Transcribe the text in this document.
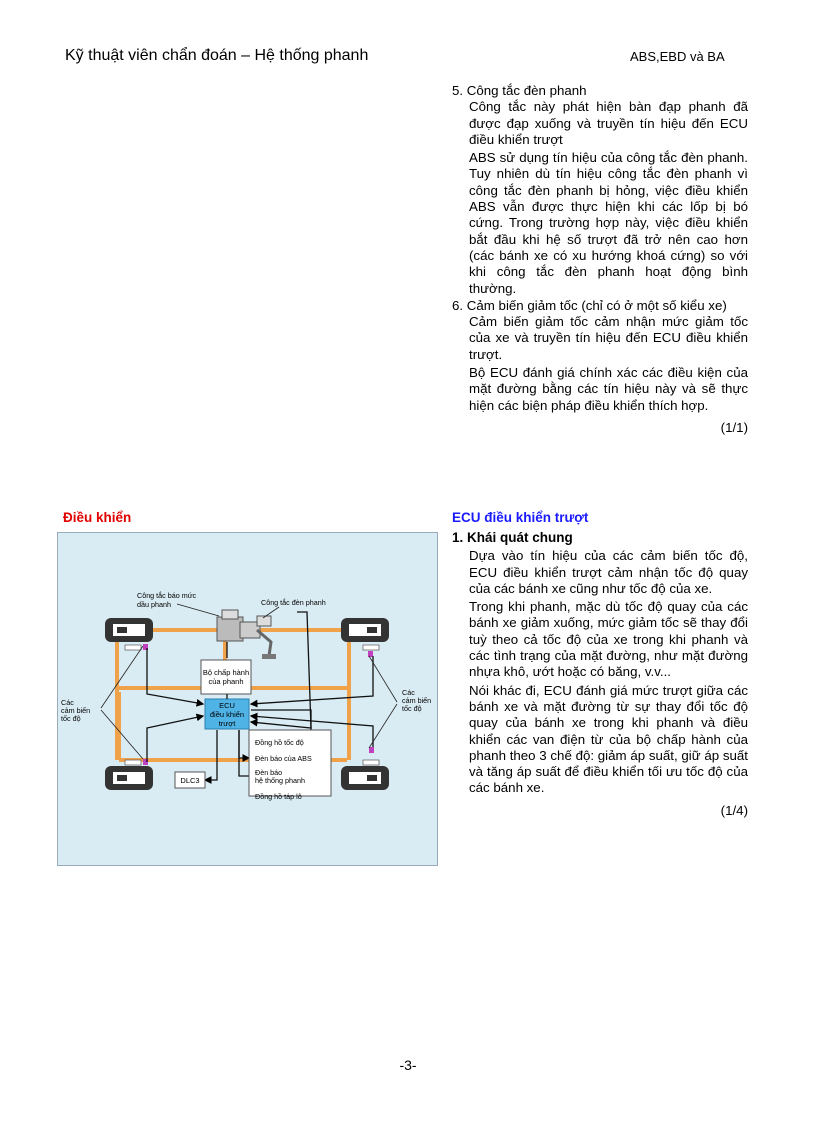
Kỹ thuật viên chẩn đoán – Hệ thống phanh	ABS,EBD và BA

5. Công tắc đèn phanh

Công tắc này phát hiện bàn đạp phanh đã được đạp xuống và truyền tín hiệu đến ECU điều khiển trượt

ABS sử dụng tín hiệu của công tắc đèn phanh. Tuy nhiên dù tín hiệu công tắc đèn phanh vì công tắc đèn phanh bị hỏng, việc điều khiển ABS vẫn được thực hiện khi các lốp bị bó cứng. Trong trường hợp này, việc điều khiển bắt đầu khi hệ số trượt đã trở nên cao hơn (các bánh xe có xu hướng khoá cứng) so với khi công tắc đèn phanh hoạt động bình thường.

6. Cảm biến giảm tốc (chỉ có ở một số kiểu xe)

Cảm biến giảm tốc cảm nhận mức giảm tốc của xe và truyền tín hiệu đến ECU điều khiển trượt.

Bộ ECU đánh giá chính xác các điều kiện của mặt đường bằng các tín hiệu này và sẽ thực hiện các biện pháp điều khiển thích hợp.

(1/1)
Điều khiển
Bộ chấp hành
của phanh
ECU
điều khiển
trượt
Đồng hồ tốc độ
Đèn báo của ABS
Đèn báo
hệ thống phanh
Đồng hồ táp lô
DLC3
Công tắc báo mức
dầu phanh	Công tắc đèn phanh
Các
cảm biến
tốc độ
Các
cảm biến
tốc độ
ECU điều khiển trượt
1. Khái quát chung

Dựa vào tín hiệu của các cảm biến tốc độ, ECU điều khiển trượt cảm nhận tốc độ quay của các bánh xe cũng như tốc độ của xe.

Trong khi phanh, mặc dù tốc độ quay của các bánh xe giảm xuống, mức giảm tốc sẽ thay đổi tuỳ theo cả tốc độ của xe trong khi phanh và các tình trạng của mặt đường, như mặt đường nhựa khô, ướt hoặc có băng, v.v...

Nói khác đi, ECU đánh giá mức trượt giữa các bánh xe và mặt đường từ sự thay đổi tốc độ quay của bánh xe trong khi phanh và điều khiển các van điện từ của bộ chấp hành của phanh theo 3 chế độ: giảm áp suất, giữ áp suất và tăng áp suất để điều khiển tối ưu tốc độ của các bánh xe.

(1/4)
-3-
